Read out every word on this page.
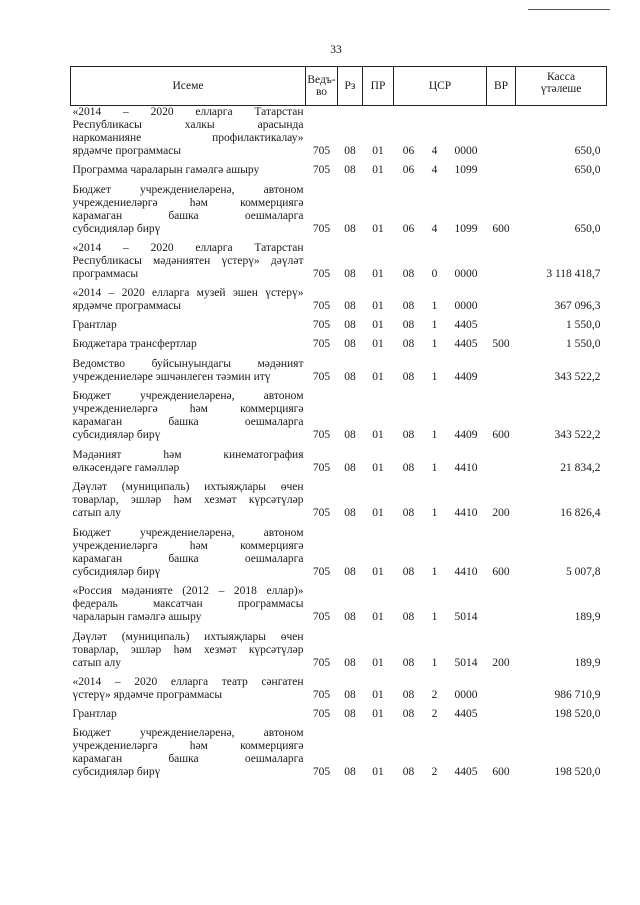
33
Исеме	Ведъ-
во	Рз	ПР	ЦСР			ВР	Касса
үтәлеше

«2014 – 2020 елларга Татарстан
Республикасы халкы арасында
наркоманияне профилактикалау»
ярдәмче программасы	705	08	01	06	4	0000		650,0

Программа чараларын гамәлгә ашыру	705	08	01	06	4	1099		650,0

Бюджет учреждениеләренә, автоном
учреждениеләргә һәм коммерциягә
карамаган башка оешмаларга
субсидияләр бирү	705	08	01	06	4	1099	600	650,0

«2014 – 2020 елларга Татарстан
Республикасы мәдәниятен үстерү» дәүләт
программасы	705	08	01	08	0	0000		3 118 418,7

«2014 – 2020 елларга музей эшен үстерү»
ярдәмче программасы	705	08	01	08	1	0000		367 096,3

Грантлар	705	08	01	08	1	4405		1 550,0

Бюджетара трансфертлар	705	08	01	08	1	4405	500	1 550,0

Ведомство буйсынуындагы мәдәният
учреждениеләре эшчәнлеген тәэмин итү	705	08	01	08	1	4409		343 522,2

Бюджет учреждениеләренә, автоном
учреждениеләргә һәм коммерциягә
карамаган башка оешмаларга
субсидияләр бирү	705	08	01	08	1	4409	600	343 522,2

Мәдәният һәм кинематография
өлкәсендәге гамәлләр	705	08	01	08	1	4410		21 834,2

Дәүләт (муниципаль) ихтыяҗлары өчен
товарлар, эшләр һәм хезмәт күрсәтүләр
сатып алу	705	08	01	08	1	4410	200	16 826,4

Бюджет учреждениеләренә, автоном
учреждениеләргә һәм коммерциягә
карамаган башка оешмаларга
субсидияләр бирү	705	08	01	08	1	4410	600	5 007,8

«Россия мәдәнияте (2012 – 2018 еллар)»
федераль максатчан программасы
чараларын гамәлгә ашыру	705	08	01	08	1	5014		189,9

Дәүләт (муниципаль) ихтыяҗлары өчен
товарлар, эшләр һәм хезмәт күрсәтүләр
сатып алу	705	08	01	08	1	5014	200	189,9

«2014 – 2020 елларга театр сәнгатен
үстерү» ярдәмче программасы	705	08	01	08	2	0000		986 710,9

Грантлар	705	08	01	08	2	4405		198 520,0

Бюджет учреждениеләренә, автоном
учреждениеләргә һәм коммерциягә
карамаган башка оешмаларга
субсидияләр бирү	705	08	01	08	2	4405	600	198 520,0
